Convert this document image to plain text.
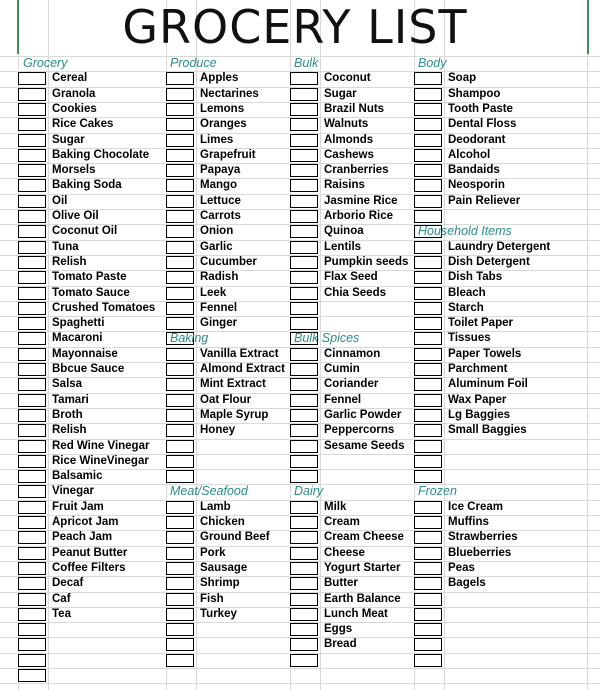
Grocery
Cereal
Granola
Cookies
Rice Cakes
Sugar
Baking Chocolate
Morsels
Baking Soda
Oil
Olive Oil
Coconut Oil
Tuna
Relish
Tomato Paste
Tomato Sauce
Crushed Tomatoes
Spaghetti
Macaroni
Mayonnaise
Bbcue Sauce
Salsa
Tamari
Broth
Relish
Red Wine Vinegar
Rice WineVinegar
Balsamic
Vinegar
Fruit Jam
Apricot Jam
Peach Jam
Peanut Butter
Coffee Filters
Decaf
Caf
Tea
Produce
Apples
Nectarines
Lemons
Oranges
Limes
Grapefruit
Papaya
Mango
Lettuce
Carrots
Onion
Garlic
Cucumber
Radish
Leek
Fennel
Ginger
Baking
Vanilla Extract
Almond Extract
Mint Extract
Oat Flour
Maple Syrup
Honey
Meat/Seafood
Lamb
Chicken
Ground Beef
Pork
Sausage
Shrimp
Fish
Turkey
Bulk
Coconut
Sugar
Brazil Nuts
Walnuts
Almonds
Cashews
Cranberries
Raisins
Jasmine Rice
Arborio Rice
Quinoa
Lentils
Pumpkin seeds
Flax Seed
Chia Seeds
Bulk Spices
Cinnamon
Cumin
Coriander
Fennel
Garlic Powder
Peppercorns
Sesame Seeds
Dairy
Milk
Cream
Cream Cheese
Cheese
Yogurt Starter
Butter
Earth Balance
Lunch Meat
Eggs
Bread
Body
Soap
Shampoo
Tooth Paste
Dental Floss
Deodorant
Alcohol
Bandaids
Neosporin
Pain Reliever
Household Items
Laundry Detergent
Dish Detergent
Dish Tabs
Bleach
Starch
Toilet Paper
Tissues
Paper Towels
Parchment
Aluminum Foil
Wax Paper
Lg Baggies
Small Baggies
Frozen
Ice Cream
Muffins
Strawberries
Blueberries
Peas
Bagels
GROCERY LIST
